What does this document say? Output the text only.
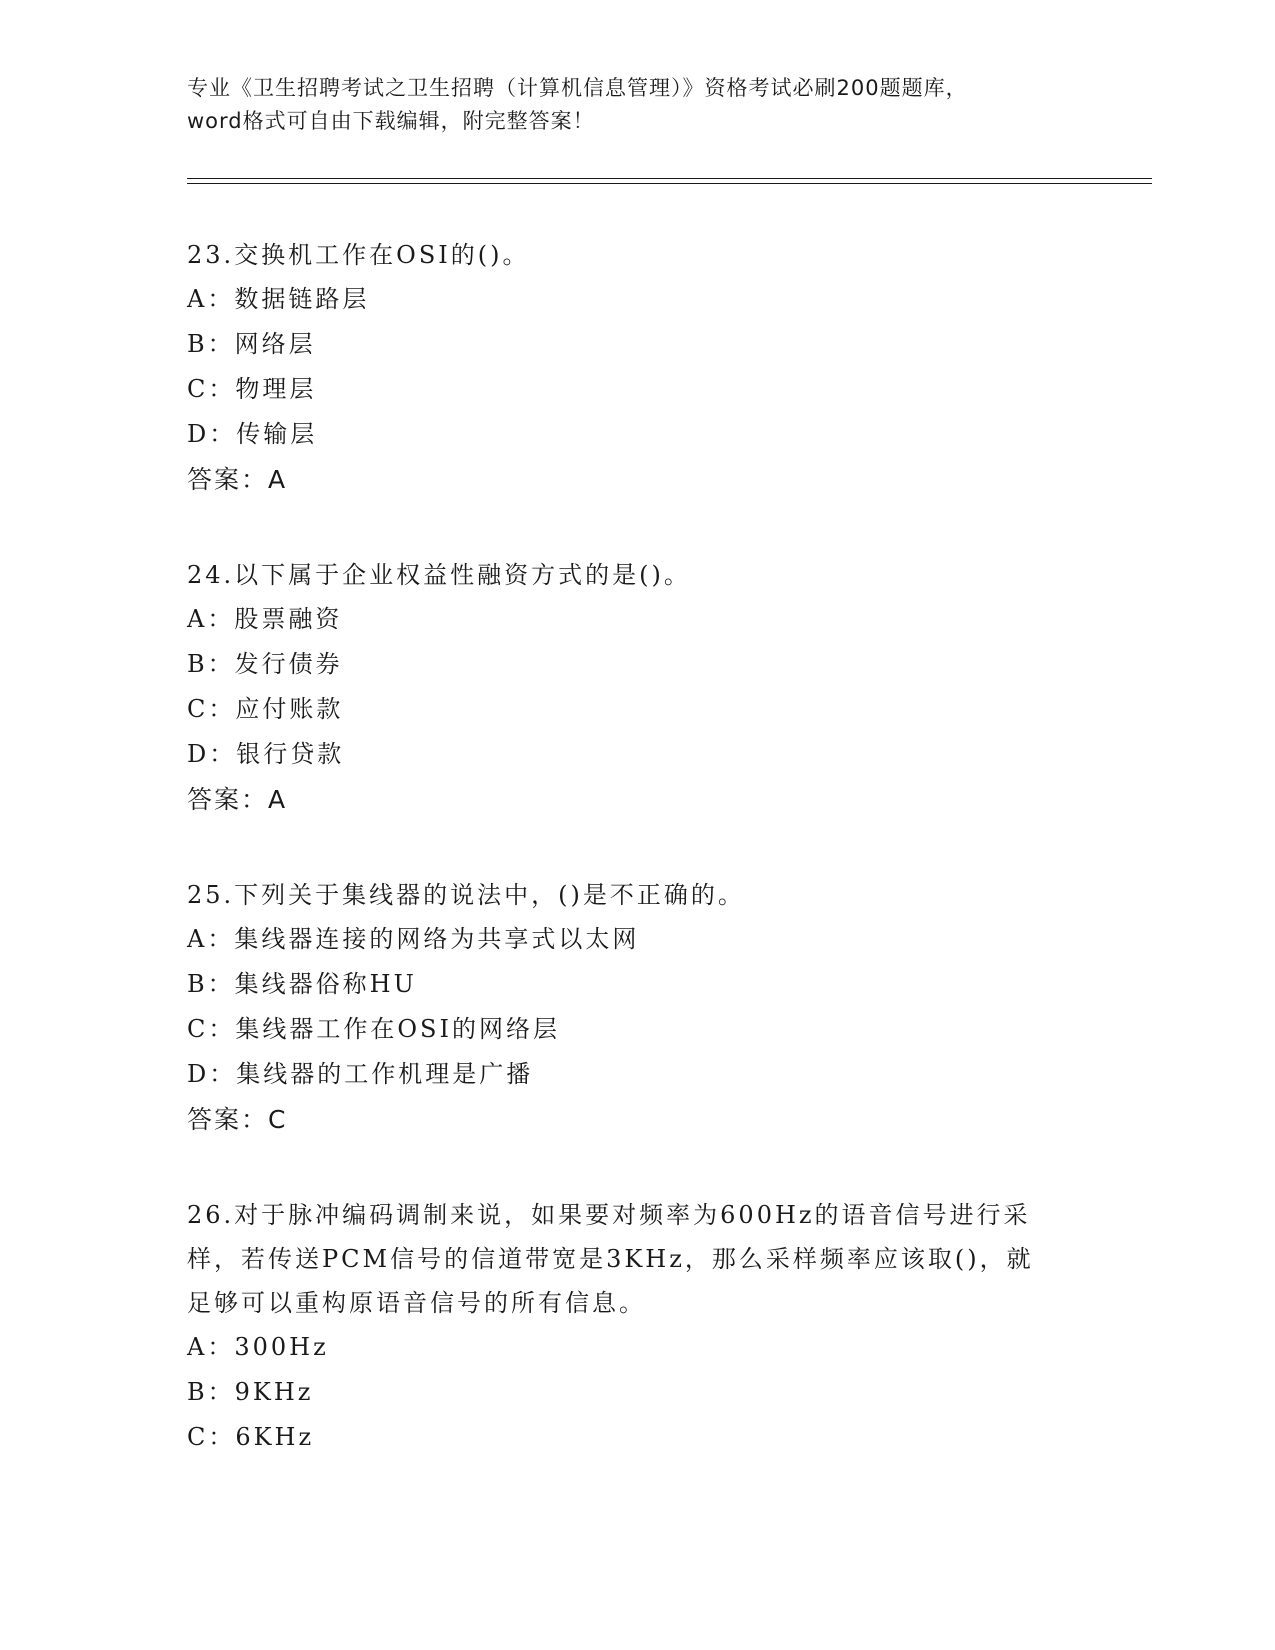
专业《卫生招聘考试之卫生招聘（计算机信息管理）》资格考试必刷200题题库，
word格式可自由下载编辑，附完整答案！
23.交换机工作在OSI的()。
A：数据链路层
B：网络层
C：物理层
D：传输层
答案：A
24.以下属于企业权益性融资方式的是()。
A：股票融资
B：发行债券
C：应付账款
D：银行贷款
答案：A
25.下列关于集线器的说法中，()是不正确的。
A：集线器连接的网络为共享式以太网
B：集线器俗称HU
C：集线器工作在OSI的网络层
D：集线器的工作机理是广播
答案：C
26.对于脉冲编码调制来说，如果要对频率为600Hz的语音信号进行采
样，若传送PCM信号的信道带宽是3KHz，那么采样频率应该取()，就
足够可以重构原语音信号的所有信息。
A：300Hz
B：9KHz
C：6KHz
